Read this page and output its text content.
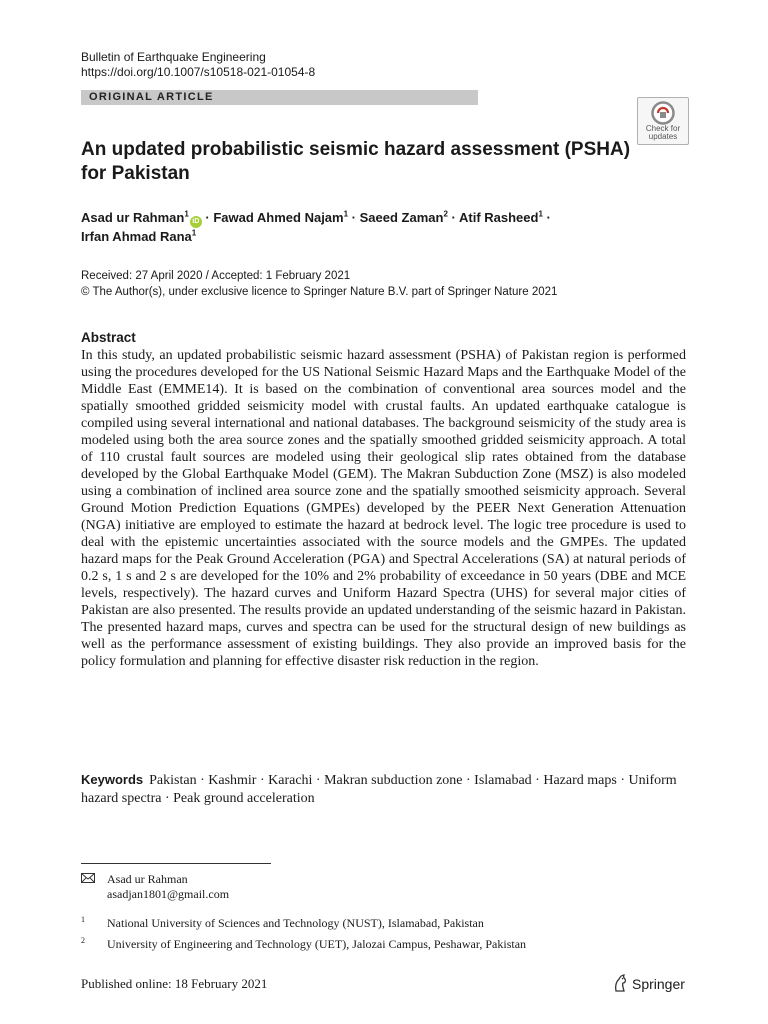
Bulletin of Earthquake Engineering
https://doi.org/10.1007/s10518-021-01054-8
ORIGINAL ARTICLE
Check for
updates
An updated probabilistic seismic hazard assessment (PSHA) for Pakistan
Asad ur Rahman$^1$iD · Fawad Ahmed Najam$^1$ · Saeed Zaman$^2$ · Atif Rasheed$^1$ ·
Irfan Ahmad Rana$^1$
Received: 27 April 2020 / Accepted: 1 February 2021
© The Author(s), under exclusive licence to Springer Nature B.V. part of Springer Nature 2021
Abstract

In this study, an updated probabilistic seismic hazard assessment (PSHA) of Pakistan region is performed using the procedures developed for the US National Seismic Hazard Maps and the Earthquake Model of the Middle East (EMME14). It is based on the combination of conventional area sources model and the spatially smoothed gridded seismicity model with crustal faults. An updated earthquake catalogue is compiled using several international and national databases. The background seismicity of the study area is modeled using both the area source zones and the spatially smoothed gridded seismicity approach. A total of 110 crustal fault sources are modeled using their geological slip rates obtained from the database developed by the Global Earthquake Model (GEM). The Makran Subduction Zone (MSZ) is also modeled using a combination of inclined area source zone and the spatially smoothed seismicity approach. Several Ground Motion Prediction Equations (GMPEs) developed by the PEER Next Generation Attenuation (NGA) initiative are employed to estimate the hazard at bedrock level. The logic tree procedure is used to deal with the epistemic uncertainties associated with the source models and the GMPEs. The updated hazard maps for the Peak Ground Acceleration (PGA) and Spectral Accelerations (SA) at natural periods of 0.2 s, 1 s and 2 s are developed for the 10% and 2% probability of exceedance in 50 years (DBE and MCE levels, respectively). The hazard curves and Uniform Hazard Spectra (UHS) for several major cities of Pakistan are also presented. The results provide an updated understanding of the seismic hazard in Pakistan. The presented hazard maps, curves and spectra can be used for the structural design of new buildings as well as the performance assessment of existing buildings. They also provide an improved basis for the policy formulation and planning for effective disaster risk reduction in the region.

Keywords Pakistan · Kashmir · Karachi · Makran subduction zone · Islamabad · Hazard maps · Uniform hazard spectra · Peak ground acceleration
Asad ur Rahman
asadjan1801@gmail.com
1 National University of Sciences and Technology (NUST), Islamabad, Pakistan
2 University of Engineering and Technology (UET), Jalozai Campus, Peshawar, Pakistan
Published online: 18 February 2021	Springer
